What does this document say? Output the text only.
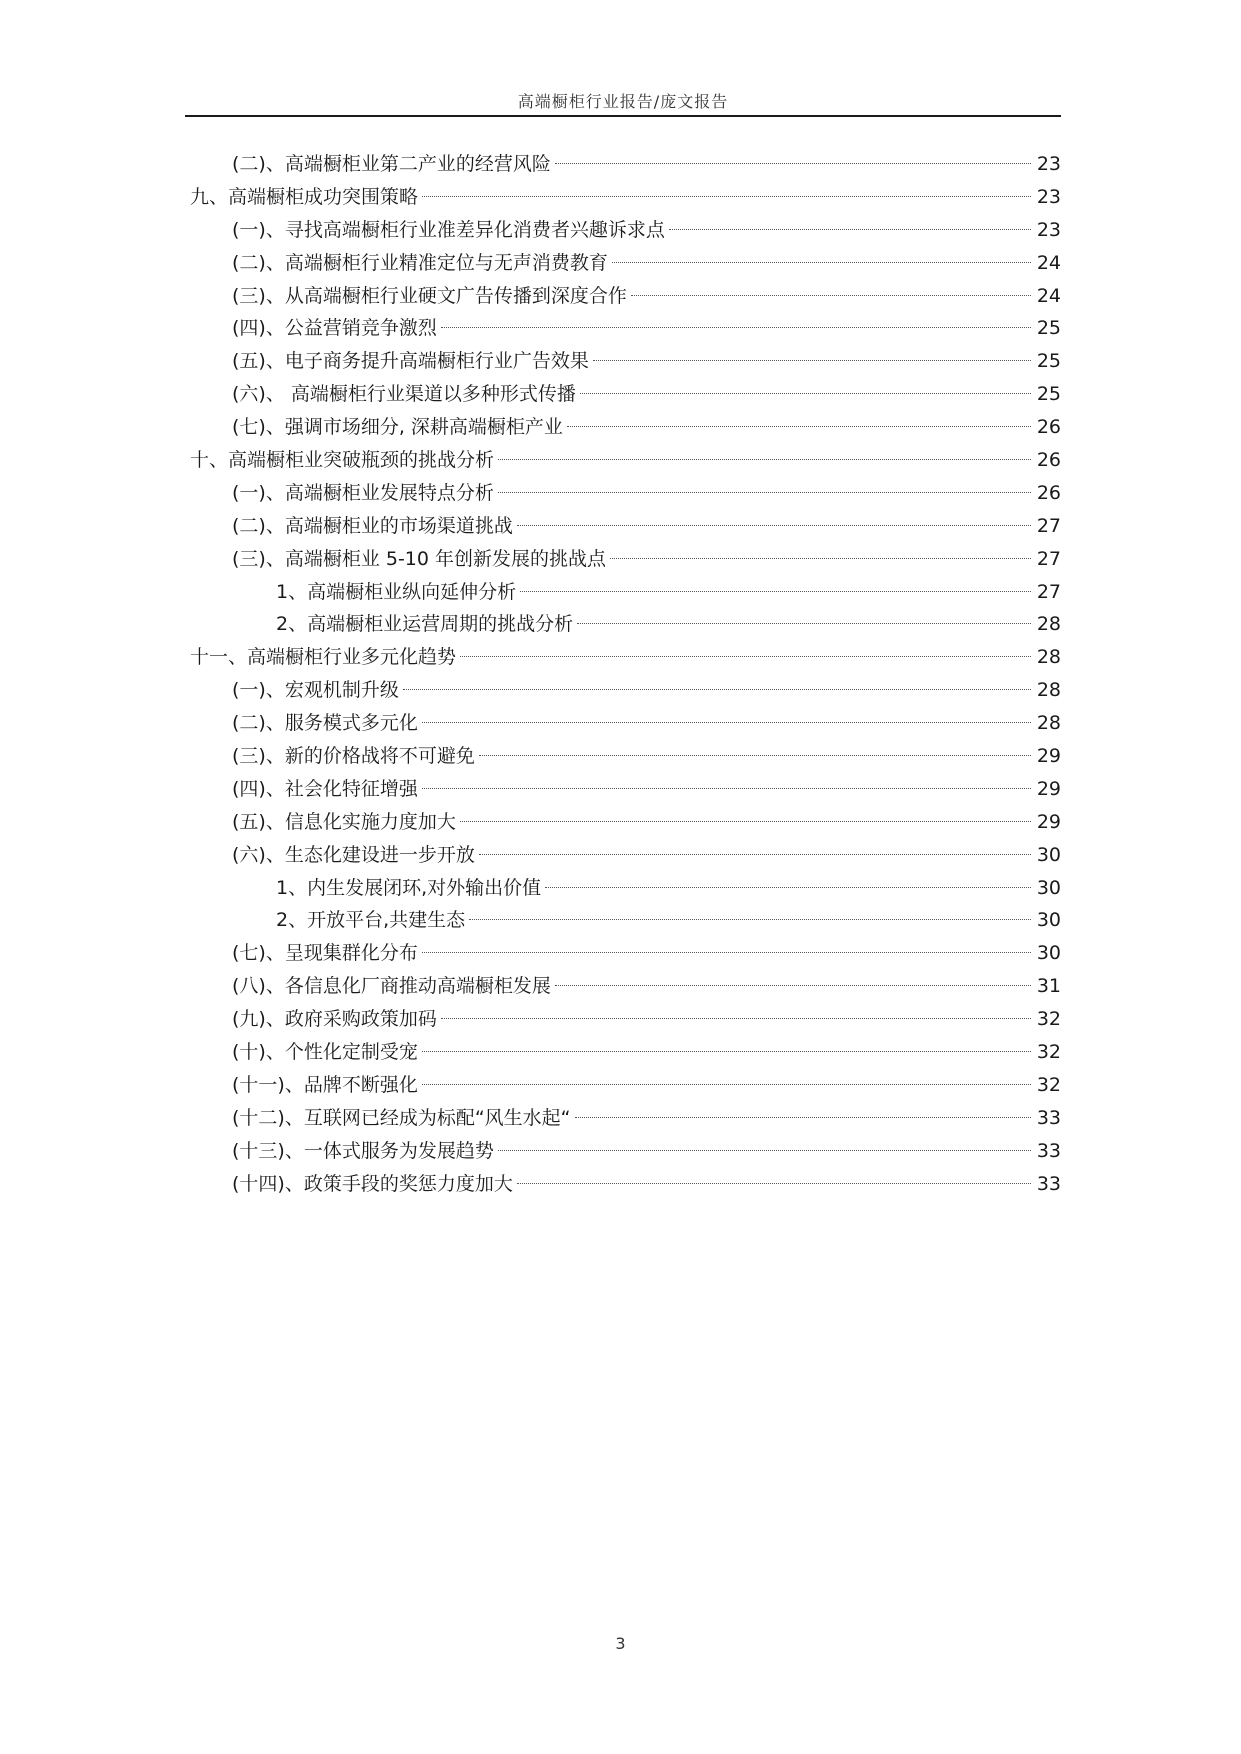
高端橱柜行业报告/庞文报告
(二)、高端橱柜业第二产业的经营风险	23
九、高端橱柜成功突围策略	23
(一)、寻找高端橱柜行业准差异化消费者兴趣诉求点	23
(二)、高端橱柜行业精准定位与无声消费教育	24
(三)、从高端橱柜行业硬文广告传播到深度合作	24
(四)、公益营销竞争激烈	25
(五)、电子商务提升高端橱柜行业广告效果	25
(六)、 高端橱柜行业渠道以多种形式传播	25
(七)、强调市场细分, 深耕高端橱柜产业	26
十、高端橱柜业突破瓶颈的挑战分析	26
(一)、高端橱柜业发展特点分析	26
(二)、高端橱柜业的市场渠道挑战	27
(三)、高端橱柜业 5-10 年创新发展的挑战点	27
1、高端橱柜业纵向延伸分析	27
2、高端橱柜业运营周期的挑战分析	28
十一、高端橱柜行业多元化趋势	28
(一)、宏观机制升级	28
(二)、服务模式多元化	28
(三)、新的价格战将不可避免	29
(四)、社会化特征增强	29
(五)、信息化实施力度加大	29
(六)、生态化建设进一步开放	30
1、内生发展闭环,对外输出价值	30
2、开放平台,共建生态	30
(七)、呈现集群化分布	30
(八)、各信息化厂商推动高端橱柜发展	31
(九)、政府采购政策加码	32
(十)、个性化定制受宠	32
(十一)、品牌不断强化	32
(十二)、互联网已经成为标配“风生水起“	33
(十三)、一体式服务为发展趋势	33
(十四)、政策手段的奖惩力度加大	33
3
